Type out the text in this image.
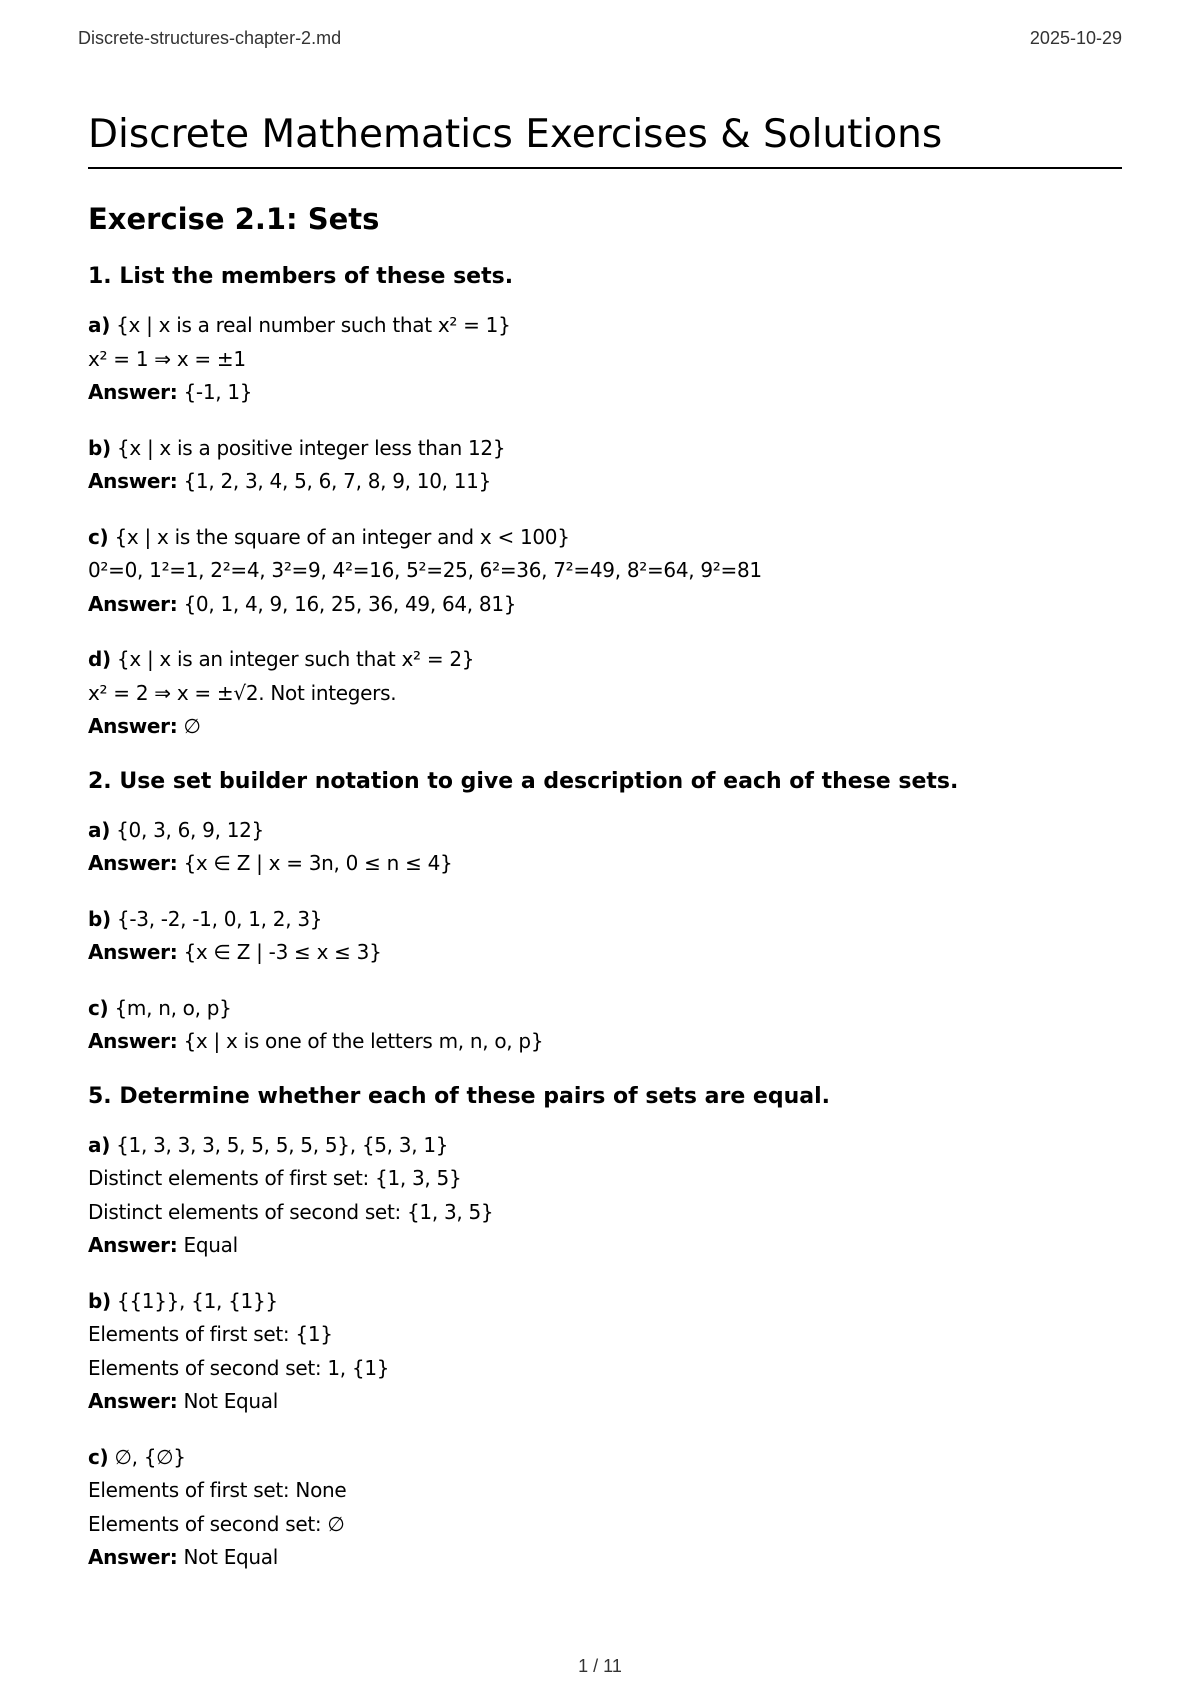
Discrete-structures-chapter-2.md	2025-10-29
Discrete Mathematics Exercises & Solutions
Exercise 2.1: Sets
1. List the members of these sets.
a) {x | x is a real number such that x² = 1}
x² = 1 ⇒ x = ±1
Answer: {-1, 1}
b) {x | x is a positive integer less than 12}
Answer: {1, 2, 3, 4, 5, 6, 7, 8, 9, 10, 11}
c) {x | x is the square of an integer and x < 100}
0²=0, 1²=1, 2²=4, 3²=9, 4²=16, 5²=25, 6²=36, 7²=49, 8²=64, 9²=81
Answer: {0, 1, 4, 9, 16, 25, 36, 49, 64, 81}
d) {x | x is an integer such that x² = 2}
x² = 2 ⇒ x = ±√2. Not integers.
Answer: ∅
2. Use set builder notation to give a description of each of these sets.
a) {0, 3, 6, 9, 12}
Answer: {x ∈ Z | x = 3n, 0 ≤ n ≤ 4}
b) {-3, -2, -1, 0, 1, 2, 3}
Answer: {x ∈ Z | -3 ≤ x ≤ 3}
c) {m, n, o, p}
Answer: {x | x is one of the letters m, n, o, p}
5. Determine whether each of these pairs of sets are equal.
a) {1, 3, 3, 3, 5, 5, 5, 5, 5}, {5, 3, 1}
Distinct elements of first set: {1, 3, 5}
Distinct elements of second set: {1, 3, 5}
Answer: Equal
b) {{1}}, {1, {1}}
Elements of first set: {1}
Elements of second set: 1, {1}
Answer: Not Equal
c) ∅, {∅}
Elements of first set: None
Elements of second set: ∅
Answer: Not Equal
1 / 11
